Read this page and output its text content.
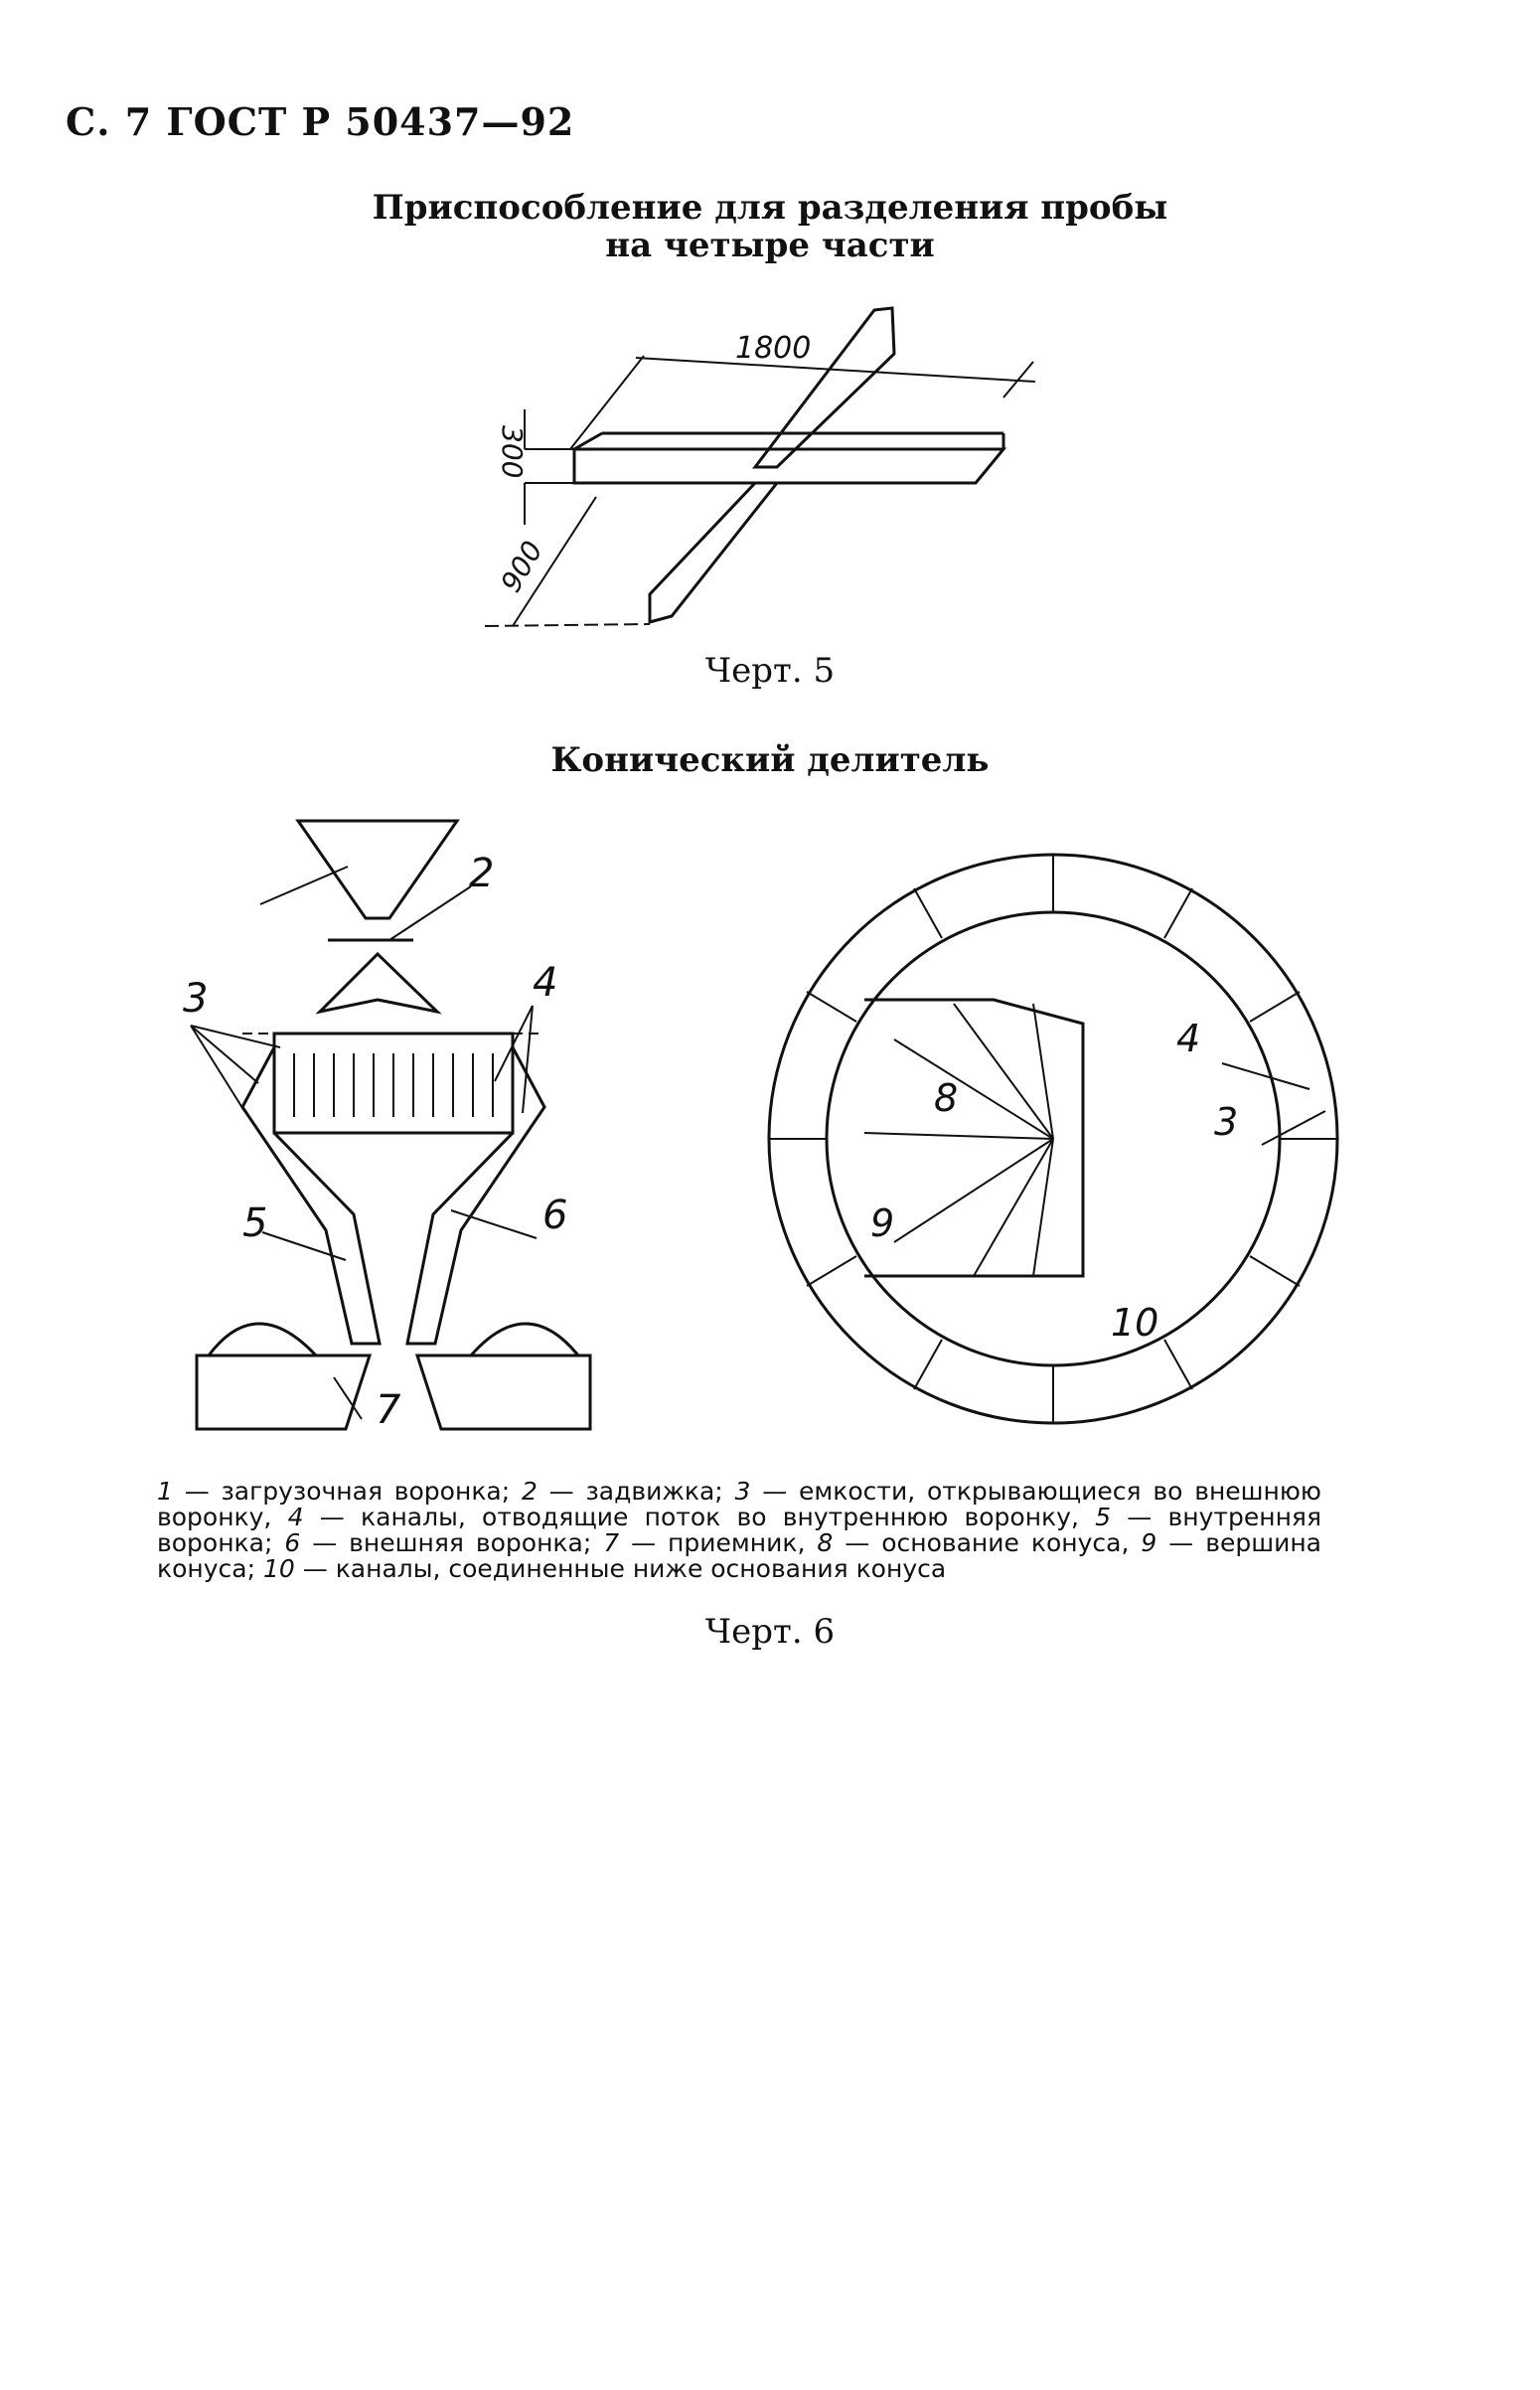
С. 7 ГОСТ Р 50437—92
Приспособление для разделения пробы
на четыре части
1800
300
900
Черт. 5
Конический делитель
2
3	4
5	6
7
4
3
8
9
10
1 — загрузочная воронка; 2 — задвижка; 3 — емкости, открывающиеся во внешнюю воронку, 4 — каналы, отводящие поток во внутреннюю воронку, 5 — внутренняя воронка; 6 — внешняя воронка; 7 — приемник, 8 — основание конуса, 9 — вершина конуса; 10 — каналы, соединенные ниже основания конуса
Черт. 6
